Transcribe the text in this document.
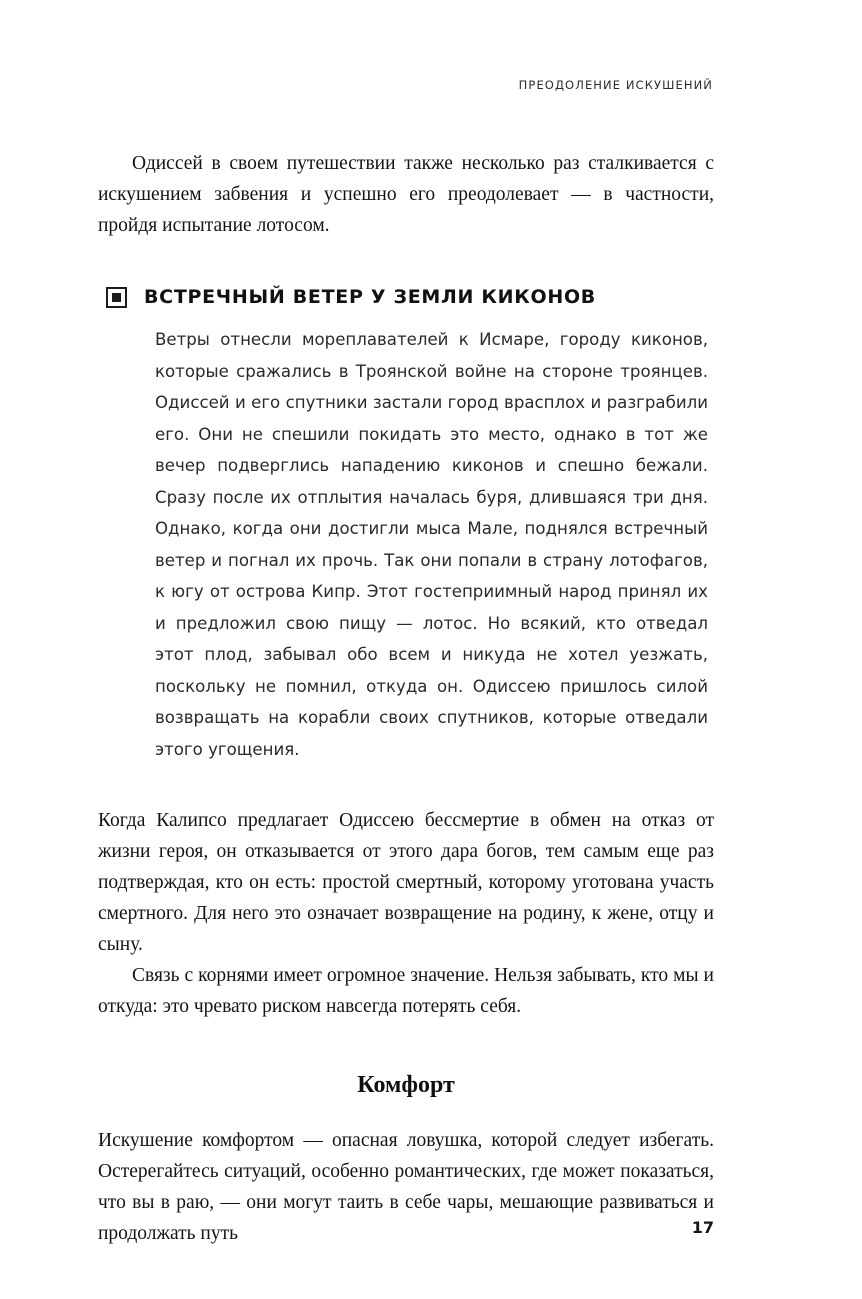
ПРЕОДОЛЕНИЕ ИСКУШЕНИЙ

Одиссей в своем путешествии также несколько раз сталкивается с искушением забвения и успешно его преодолевает — в частности, пройдя испытание лотосом.

ВСТРЕЧНЫЙ ВЕТЕР У ЗЕМЛИ КИКОНОВ

Ветры отнесли мореплавателей к Исмаре, городу киконов, которые сражались в Троянской войне на стороне троянцев. Одиссей и его спутники застали город врасплох и разграбили его. Они не спешили покидать это место, однако в тот же вечер подверглись нападению киконов и спешно бежали. Сразу после их отплытия началась буря, длившаяся три дня. Однако, когда они достигли мыса Мале, поднялся встречный ветер и погнал их прочь. Так они попали в страну лотофагов, к югу от острова Кипр. Этот гостеприимный народ принял их и предложил свою пищу — лотос. Но всякий, кто отведал этот плод, забывал обо всем и никуда не хотел уезжать, поскольку не помнил, откуда он. Одиссею пришлось силой возвращать на корабли своих спутников, которые отведали этого угощения.

Когда Калипсо предлагает Одиссею бессмертие в обмен на отказ от жизни героя, он отказывается от этого дара богов, тем самым еще раз подтверждая, кто он есть: простой смертный, которому уготована участь смертного. Для него это означает возвращение на родину, к жене, отцу и сыну.

Связь с корнями имеет огромное значение. Нельзя забывать, кто мы и откуда: это чревато риском навсегда потерять себя.

Комфорт

Искушение комфортом — опасная ловушка, которой следует избегать. Остерегайтесь ситуаций, особенно романтических, где может показаться, что вы в раю, — они могут таить в себе чары, мешающие развиваться и продолжать путь	17
